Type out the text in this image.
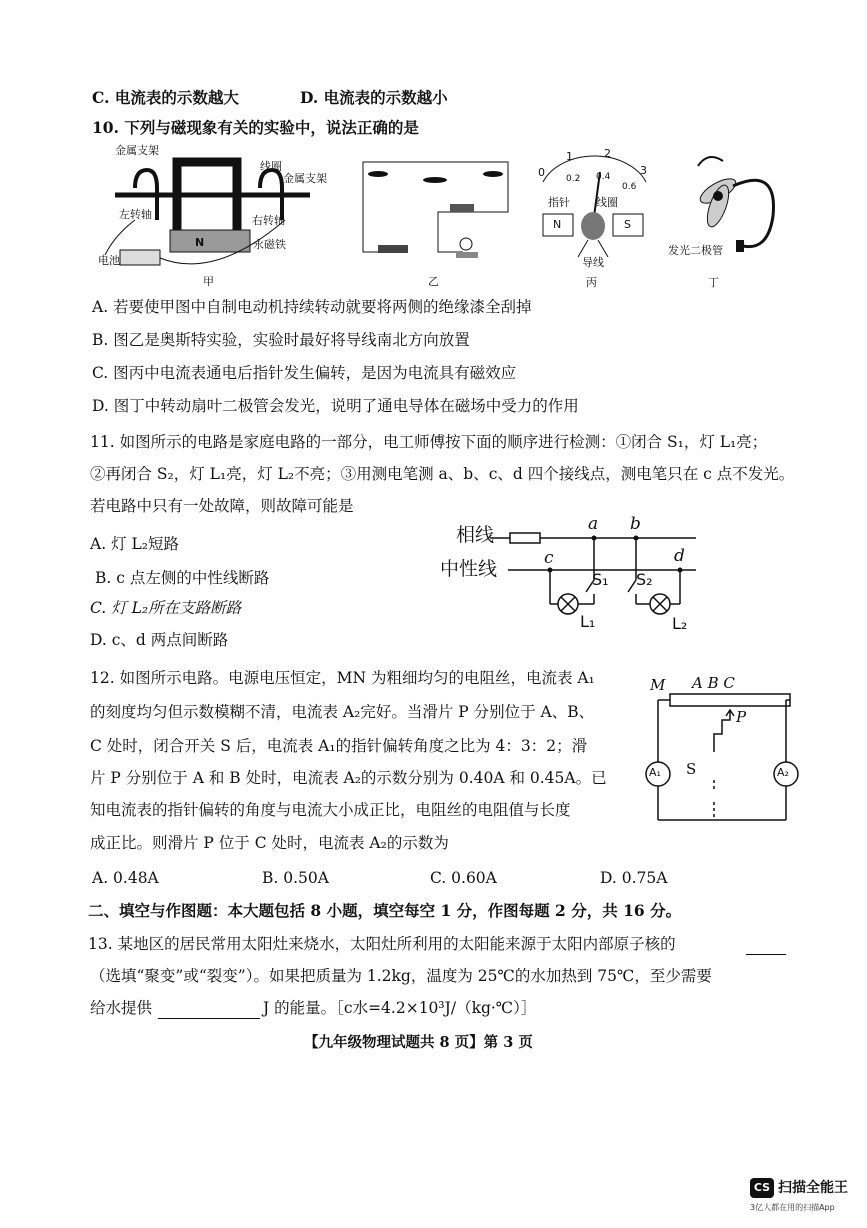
C. 电流表的示数越大	D. 电流表的示数越小
10. 下列与磁现象有关的实验中，说法正确的是
金属支架
线圈
金属支架
左转轴	右转轴
永磁铁
电池
N
甲	乙
0
1	2
3
0.2 0.4
0.6
指针 线圈
N	S
导线
丙
发光二极管
丁
A. 若要使甲图中自制电动机持续转动就要将两侧的绝缘漆全刮掉
B. 图乙是奥斯特实验，实验时最好将导线南北方向放置
C. 图丙中电流表通电后指针发生偏转，是因为电流具有磁效应
D. 图丁中转动扇叶二极管会发光，说明了通电导体在磁场中受力的作用
11. 如图所示的电路是家庭电路的一部分，电工师傅按下面的顺序进行检测：①闭合 S₁，灯 L₁亮；
②再闭合 S₂，灯 L₁亮，灯 L₂不亮；③用测电笔测 a、b、c、d 四个接线点，测电笔只在 c 点不发光。
若电路中只有一处故障，则故障可能是
A. 灯 L₂短路
B. c 点左侧的中性线断路
C. 灯 L₂所在支路断路
D. c、d 两点间断路
相线
中性线
a b
c	d
S₁ S₂
L₁	L₂
12. 如图所示电路。电源电压恒定，MN 为粗细均匀的电阻丝，电流表 A₁
的刻度均匀但示数模糊不清，电流表 A₂完好。当滑片 P 分别位于 A、B、
C 处时，闭合开关 S 后，电流表 A₁的指针偏转角度之比为 4：3：2；滑
片 P 分别位于 A 和 B 处时，电流表 A₂的示数分别为 0.40A 和 0.45A。已
知电流表的指针偏转的角度与电流大小成正比，电阻丝的电阻值与长度
成正比。则滑片 P 位于 C 处时，电流表 A₂的示数为
A. 0.48A	B. 0.50A	C. 0.60A	D. 0.75A
M A B C
P
S
A₁	A₂
二、填空与作图题：本大题包括 8 小题，填空每空 1 分，作图每题 2 分，共 16 分。
13. 某地区的居民常用太阳灶来烧水，太阳灶所利用的太阳能来源于太阳内部原子核的
（选填“聚变”或“裂变”）。如果把质量为 1.2kg，温度为 25℃的水加热到 75℃，至少需要
给水提供	J 的能量。［c水=4.2×10³J/（kg·℃）］
【九年级物理试题共 8 页】第 3 页
CS 扫描全能王
3亿人都在用的扫描App
